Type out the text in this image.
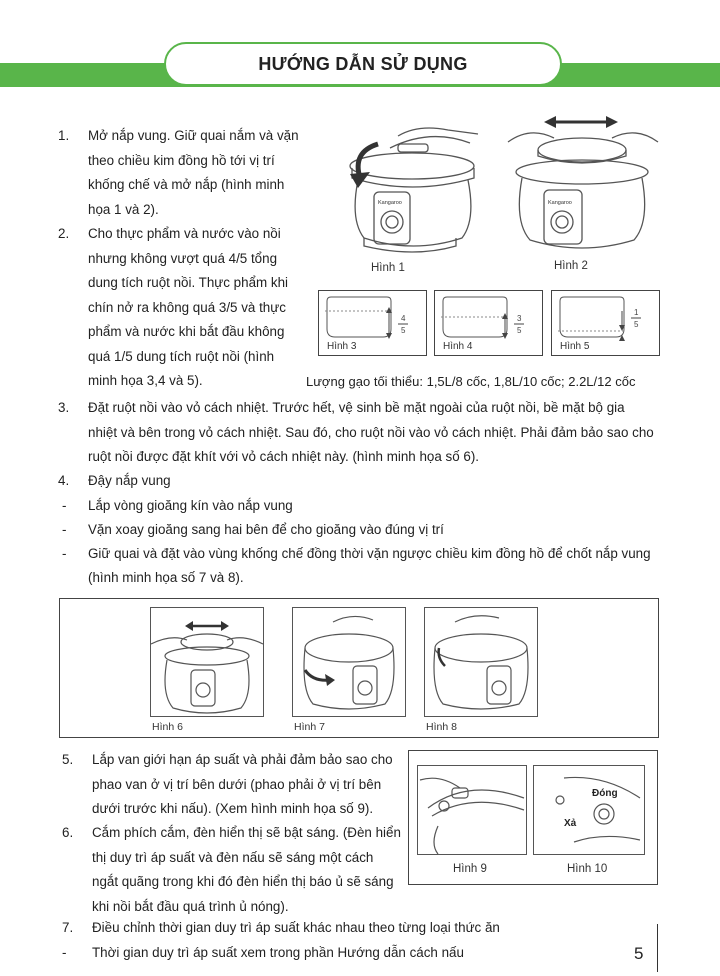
HƯỚNG DẪN SỬ DỤNG
1. Mở nắp vung. Giữ quai nắm và vặn
theo chiều kim đồng hồ tới vị trí
khống chế và mở nắp (hình minh
họa 1 và 2).
2. Cho thực phẩm và nước vào nồi
nhưng không vượt quá 4/5 tổng
dung tích ruột nồi. Thực phẩm khi
chín nở ra không quá 3/5 và thực
phẩm và nước khi bắt đầu không
quá 1/5 dung tích ruột nồi (hình
minh họa 3,4 và 5).
Kangaroo
Hình 1
Kangaroo
Hình 2
4
5
Hình 3
3
5
Hình 4
1
5
Hình 5
Lượng gạo tối thiểu: 1,5L/8 cốc, 1,8L/10 cốc; 2.2L/12 cốc
3. Đặt ruột nồi vào vỏ cách nhiệt. Trước hết, vệ sinh bề mặt ngoài của ruột nồi, bề mặt bộ gia
nhiệt và bên trong vỏ cách nhiệt. Sau đó, cho ruột nồi vào vỏ cách nhiệt. Phải đảm bảo sao cho
ruột nồi được đặt khít với vỏ cách nhiệt này. (hình minh họa số 6).
4. Đậy nắp vung
- Lắp vòng gioăng kín vào nắp vung
- Vặn xoay gioăng sang hai bên để cho gioăng vào đúng vị trí
- Giữ quai và đặt vào vùng khống chế đồng thời vặn ngược chiều kim đồng hồ để chốt nắp vung
(hình minh họa số 7 và 8).
Hình 6	Hình 7	Hình 8
5. Lắp van giới hạn áp suất và phải đảm bảo sao cho
phao van ở vị trí bên dưới (phao phải ở vị trí bên
dưới trước khi nấu). (Xem hình minh họa số 9).
6. Cắm phích cắm, đèn hiển thị sẽ bật sáng. (Đèn hiển
thị duy trì áp suất và đèn nấu sẽ sáng một cách
ngắt quãng trong khi đó đèn hiển thị báo ủ sẽ sáng
khi nồi bắt đầu quá trình ủ nóng).
Đóng
Xả
Hình 9	Hình 10
7. Điều chỉnh thời gian duy trì áp suất khác nhau theo từng loại thức ăn
- Thời gian duy trì áp suất xem trong phần Hướng dẫn cách nấu	5
